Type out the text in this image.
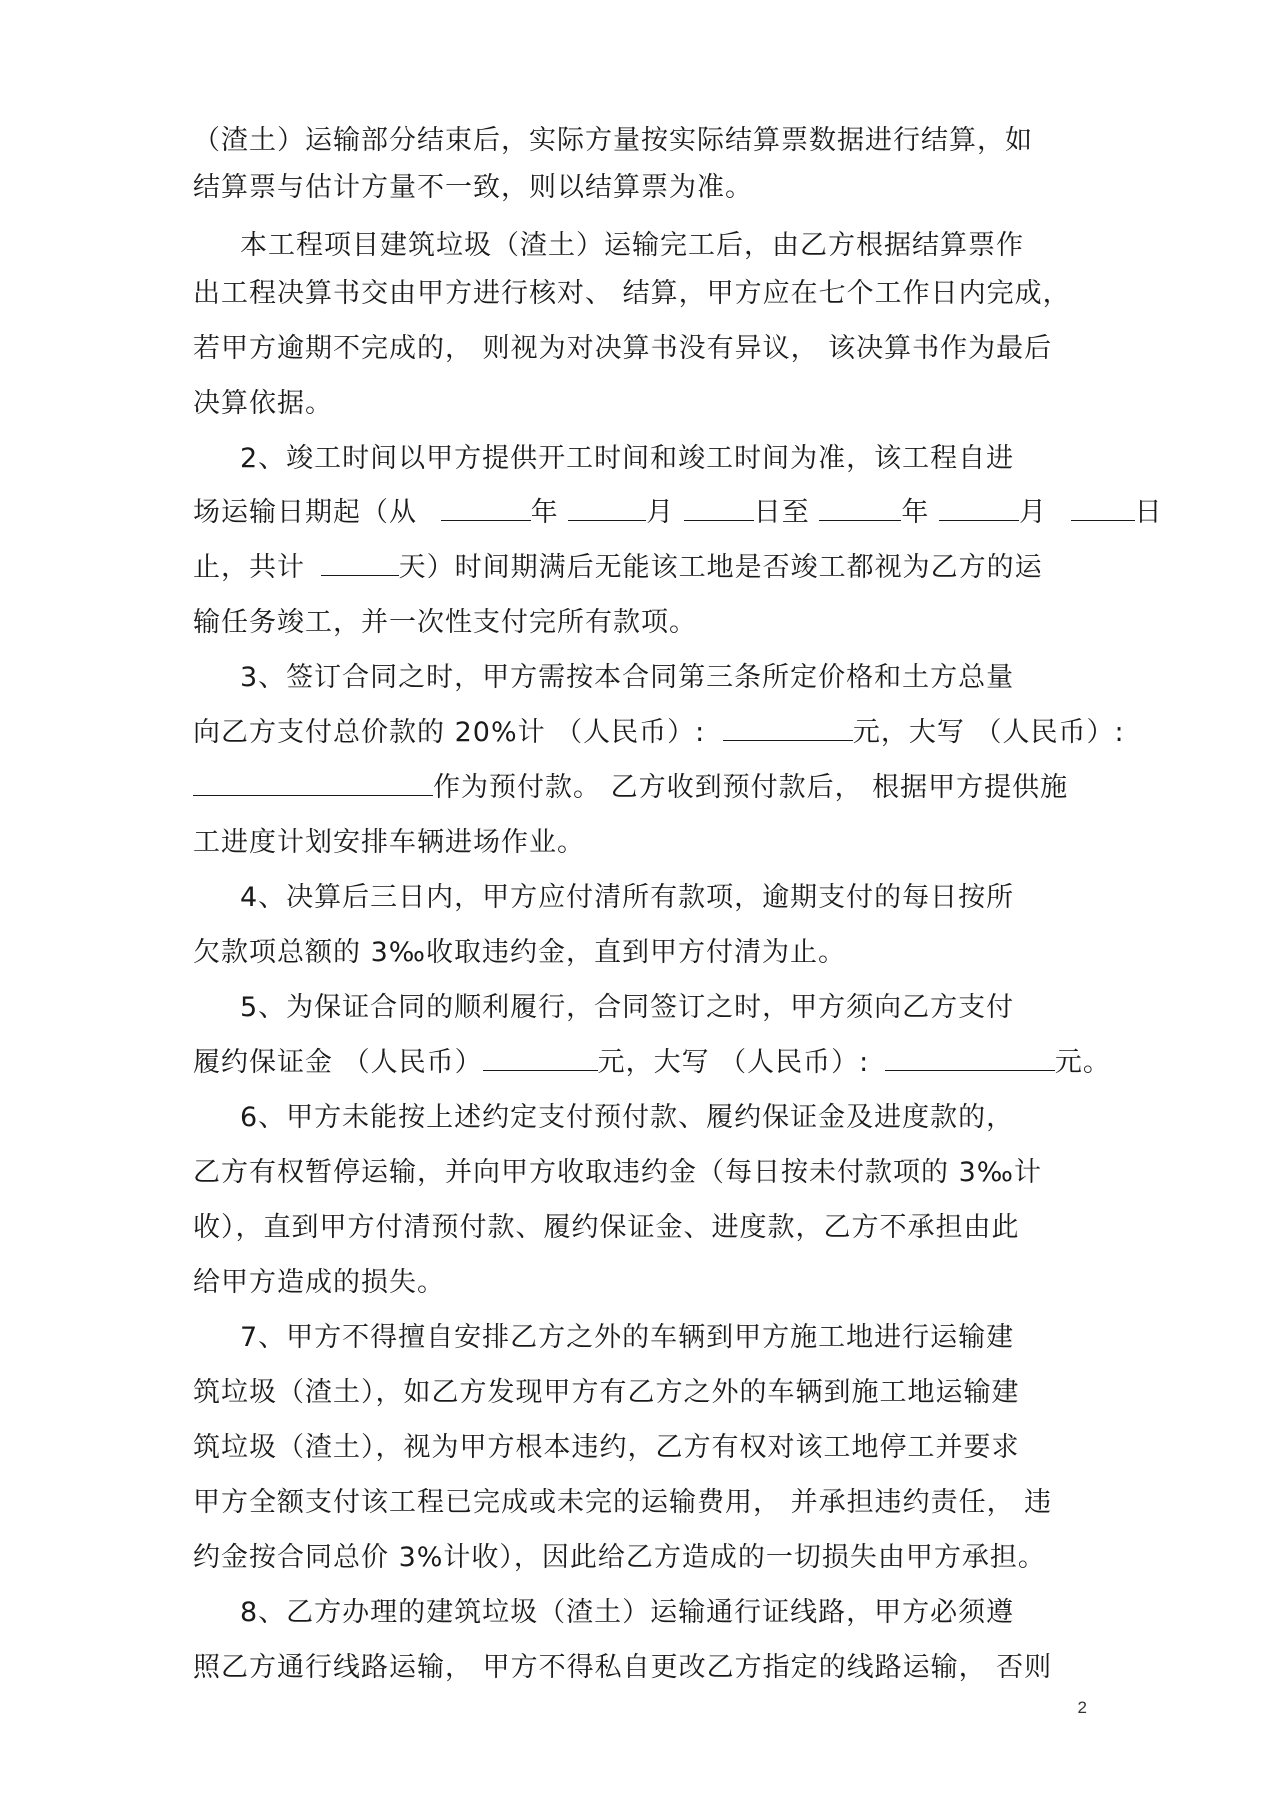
（渣土）运输部分结束后，实际方量按实际结算票数据进行结算，如
结算票与估计方量不一致，则以结算票为准。
本工程项目建筑垃圾（渣土）运输完工后，由乙方根据结算票作
出工程决算书交由甲方进行核对、 结算，甲方应在七个工作日内完成，
若甲方逾期不完成的， 则视为对决算书没有异议， 该决算书作为最后
决算依据。
2、竣工时间以甲方提供开工时间和竣工时间为准，该工程自进
场运输日期起（从	年	月	日至	年	月	日
止，共计	天）时间期满后无能该工地是否竣工都视为乙方的运
输任务竣工，并一次性支付完所有款项。
3、签订合同之时，甲方需按本合同第三条所定价格和土方总量
向乙方支付总价款的 20%计 （人民币）:	元，大写 （人民币）:
作为预付款。 乙方收到预付款后， 根据甲方提供施
工进度计划安排车辆进场作业。
4、决算后三日内，甲方应付清所有款项，逾期支付的每日按所
欠款项总额的 3‰收取违约金，直到甲方付清为止。
5、为保证合同的顺利履行，合同签订之时，甲方须向乙方支付
履约保证金 （人民币）	元，大写 （人民币）:	元。
6、甲方未能按上述约定支付预付款、履约保证金及进度款的，
乙方有权暂停运输，并向甲方收取违约金（每日按未付款项的 3‰计
收），直到甲方付清预付款、履约保证金、进度款，乙方不承担由此
给甲方造成的损失。
7、甲方不得擅自安排乙方之外的车辆到甲方施工地进行运输建
筑垃圾（渣土），如乙方发现甲方有乙方之外的车辆到施工地运输建
筑垃圾（渣土），视为甲方根本违约，乙方有权对该工地停工并要求
甲方全额支付该工程已完成或未完的运输费用， 并承担违约责任， 违
约金按合同总价 3%计收），因此给乙方造成的一切损失由甲方承担。
8、乙方办理的建筑垃圾（渣土）运输通行证线路，甲方必须遵
照乙方通行线路运输， 甲方不得私自更改乙方指定的线路运输， 否则
2
